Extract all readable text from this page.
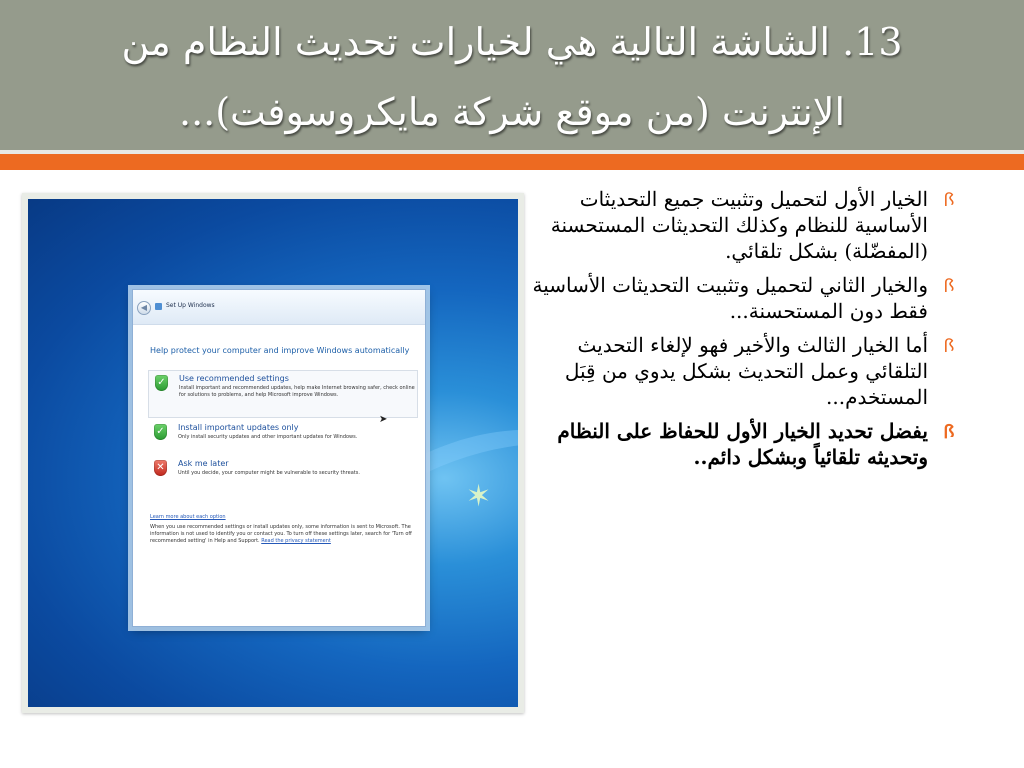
13. الشاشة التالية هي لخيارات تحديث النظام من
الإنترنت (من موقع شركة مايكروسوفت)...
✶
◀	Set Up Windows
Help protect your computer and improve Windows automatically
✓ Use recommended settings
Install important and recommended updates, help make Internet browsing safer, check online for solutions to problems, and help Microsoft improve Windows.
✓ Install important updates only
Only install security updates and other important updates for Windows.
✕ Ask me later
Until you decide, your computer might be vulnerable to security threats.
➤
Learn more about each option
When you use recommended settings or install updates only, some information is sent to Microsoft. The information is not used to identify you or contact you. To turn off these settings later, search for 'Turn off recommended setting' in Help and Support. Read the privacy statement
ꟗ
الخيار الأول لتحميل وتثبيت جميع التحديثات الأساسية للنظام وكذلك التحديثات المستحسنة (المفضّلة) بشكل تلقائي.
ꟗ
والخيار الثاني لتحميل وتثبيت التحديثات الأساسية فقط دون المستحسنة...
ꟗ
أما الخيار الثالث والأخير فهو لإلغاء التحديث التلقائي وعمل التحديث بشكل يدوي من قِبَل المستخدم...
ꟗ
يفضل تحديد الخيار الأول للحفاظ على النظام وتحديثه تلقائياً وبشكل دائم..
